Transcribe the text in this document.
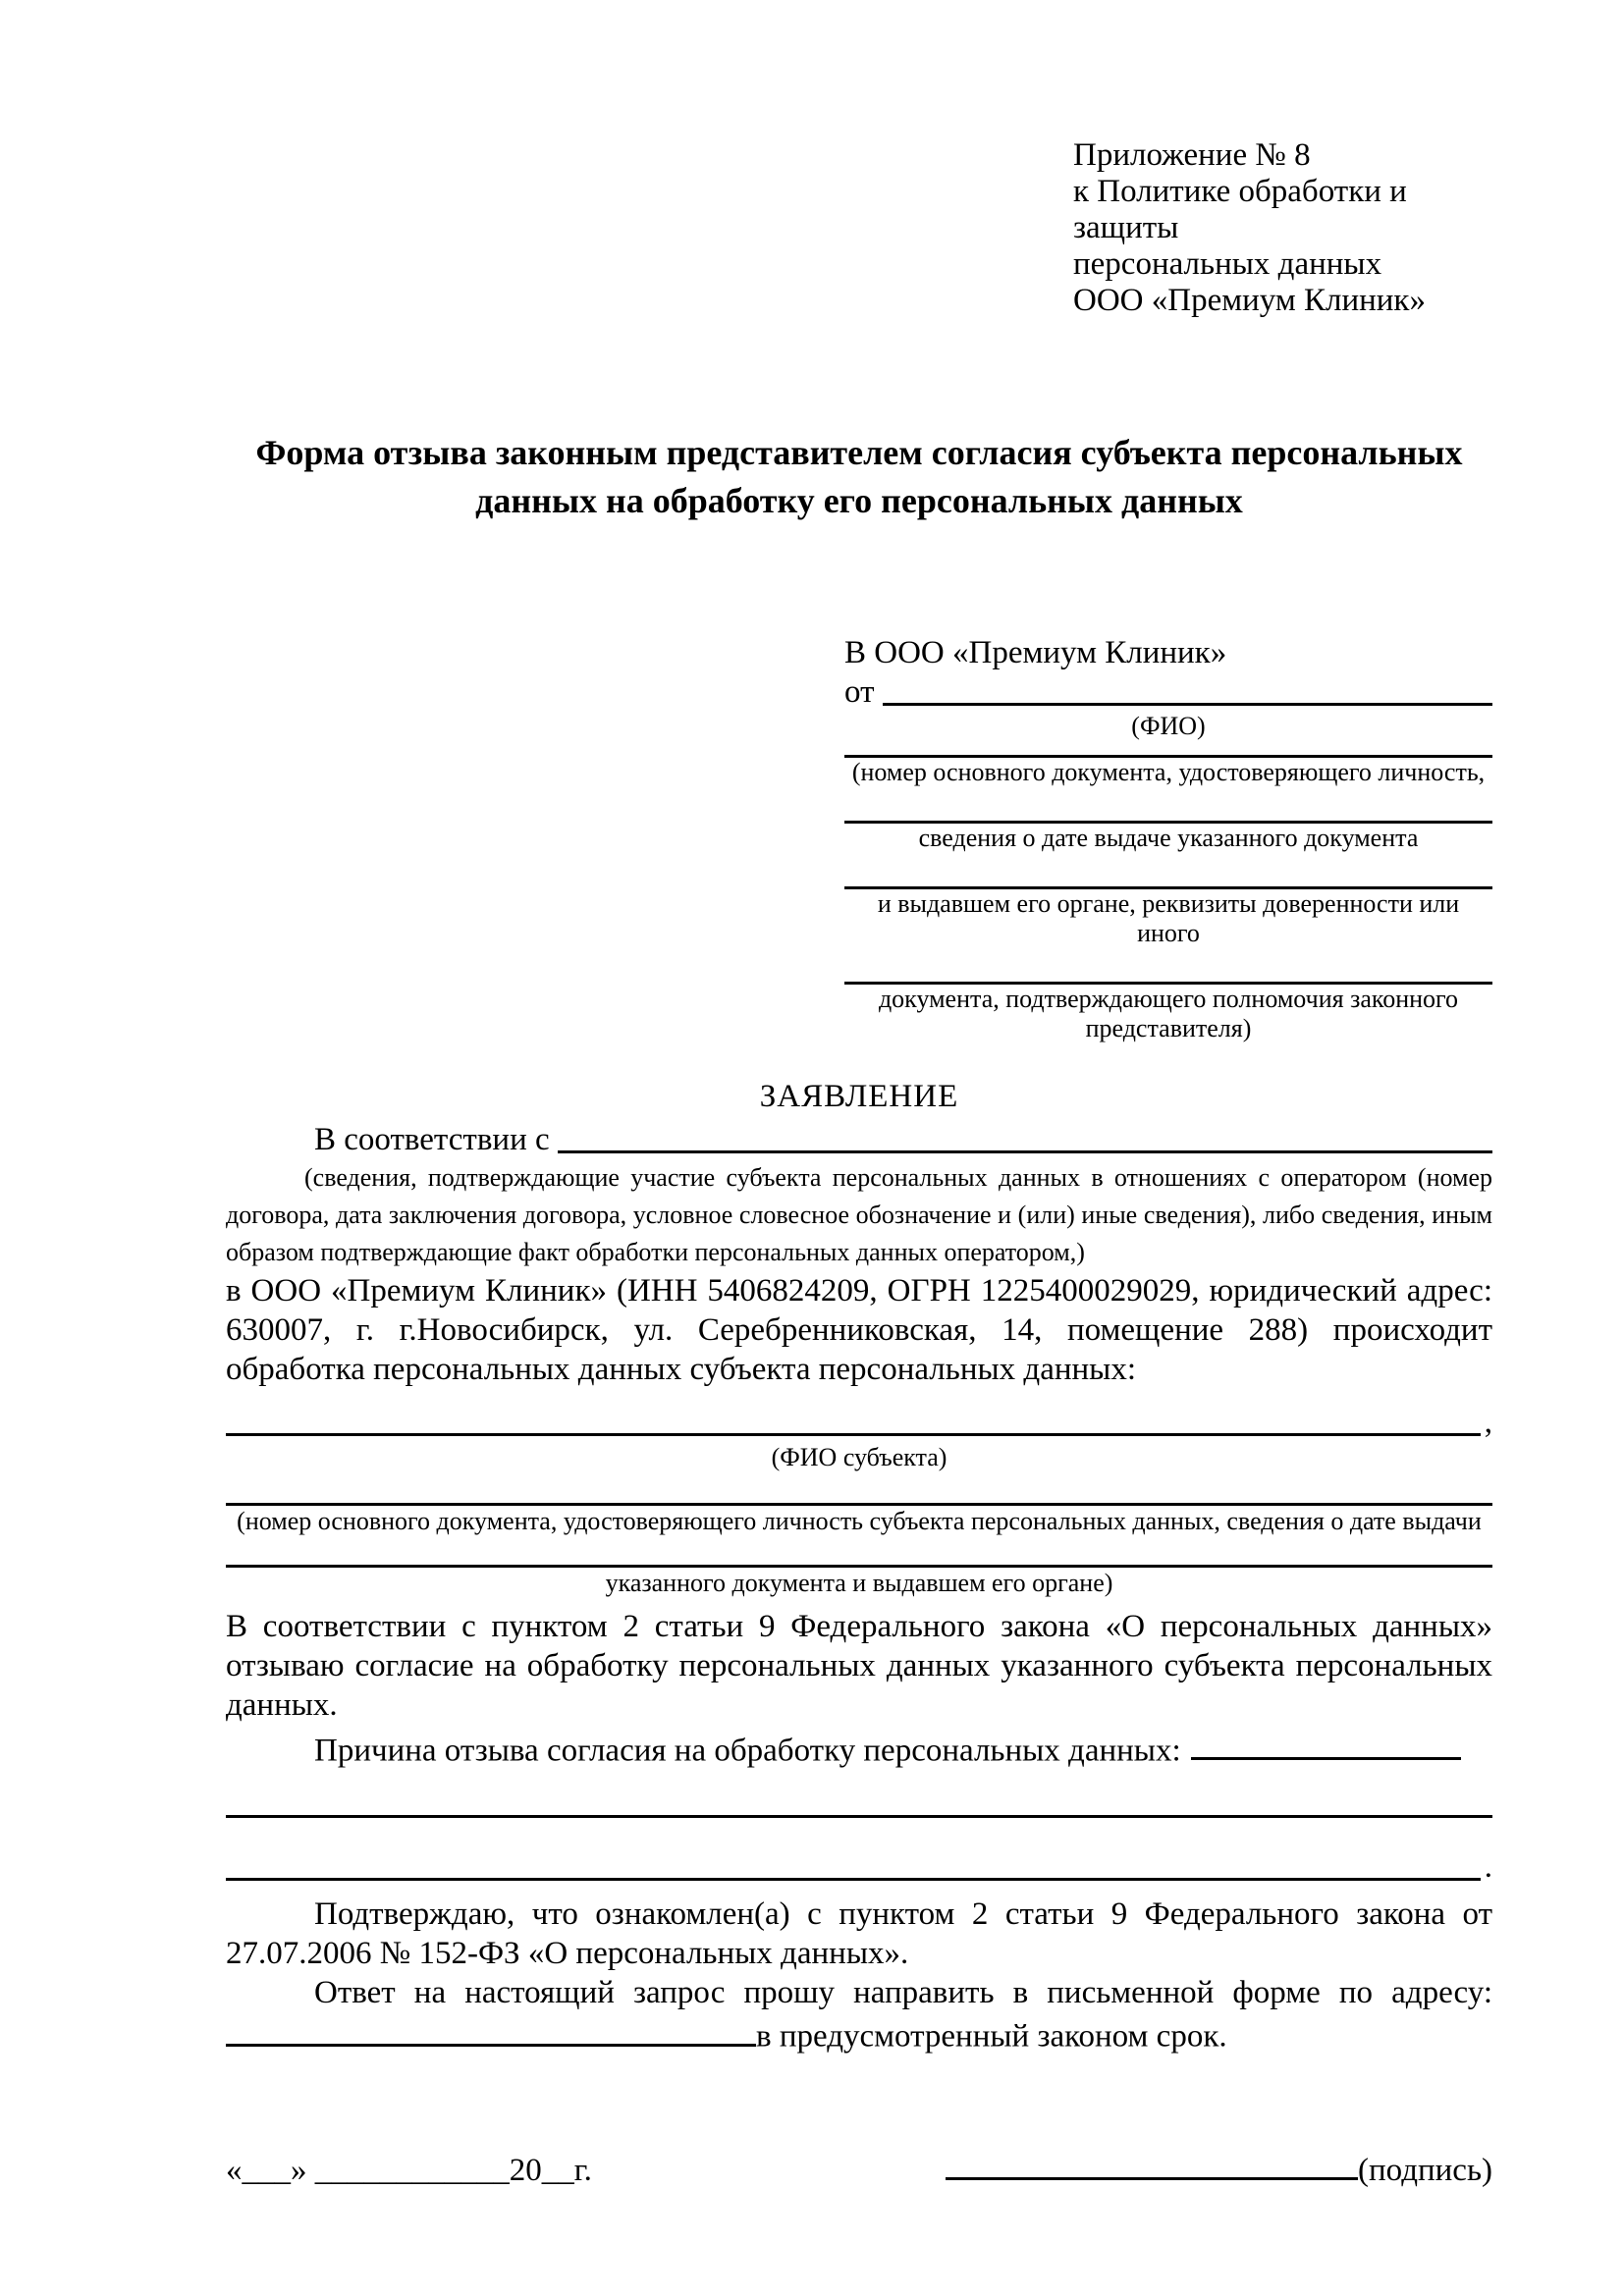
Приложение № 8
к Политике обработки и защиты
персональных данных
ООО «Премиум Клиник»
Форма отзыва законным представителем согласия субъекта персональных данных на обработку его персональных данных
В ООО «Премиум Клиник»
от
(ФИО)
(номер основного документа, удостоверяющего личность,
сведения о дате выдаче указанного документа
и выдавшем его органе, реквизиты доверенности или иного
документа, подтверждающего полномочия законного представителя)
ЗАЯВЛЕНИЕ
В соответствии с
(сведения, подтверждающие участие субъекта персональных данных в отношениях с оператором (номер договора, дата заключения договора, условное словесное обозначение и (или) иные сведения), либо сведения, иным образом подтверждающие факт обработки персональных данных оператором,)
в ООО «Премиум Клиник» (ИНН 5406824209, ОГРН 1225400029029, юридический адрес: 630007, г. г.Новосибирск, ул. Серебренниковская, 14, помещение 288) происходит обработка персональных данных субъекта персональных данных:
,
(ФИО субъекта)
(номер основного документа, удостоверяющего личность субъекта персональных данных, сведения о дате выдачи
указанного документа и выдавшем его органе)
В соответствии с пунктом 2 статьи 9 Федерального закона «О персональных данных» отзываю согласие на обработку персональных данных указанного субъекта персональных данных.
Причина отзыва согласия на обработку персональных данных:
.
Подтверждаю, что ознакомлен(а) с пунктом 2 статьи 9 Федерального закона от 27.07.2006 № 152-ФЗ «О персональных данных».
Ответ на настоящий запрос прошу направить в письменной форме по адресу:
в предусмотренный законом срок.
«___» ____________20__г.	(подпись)
